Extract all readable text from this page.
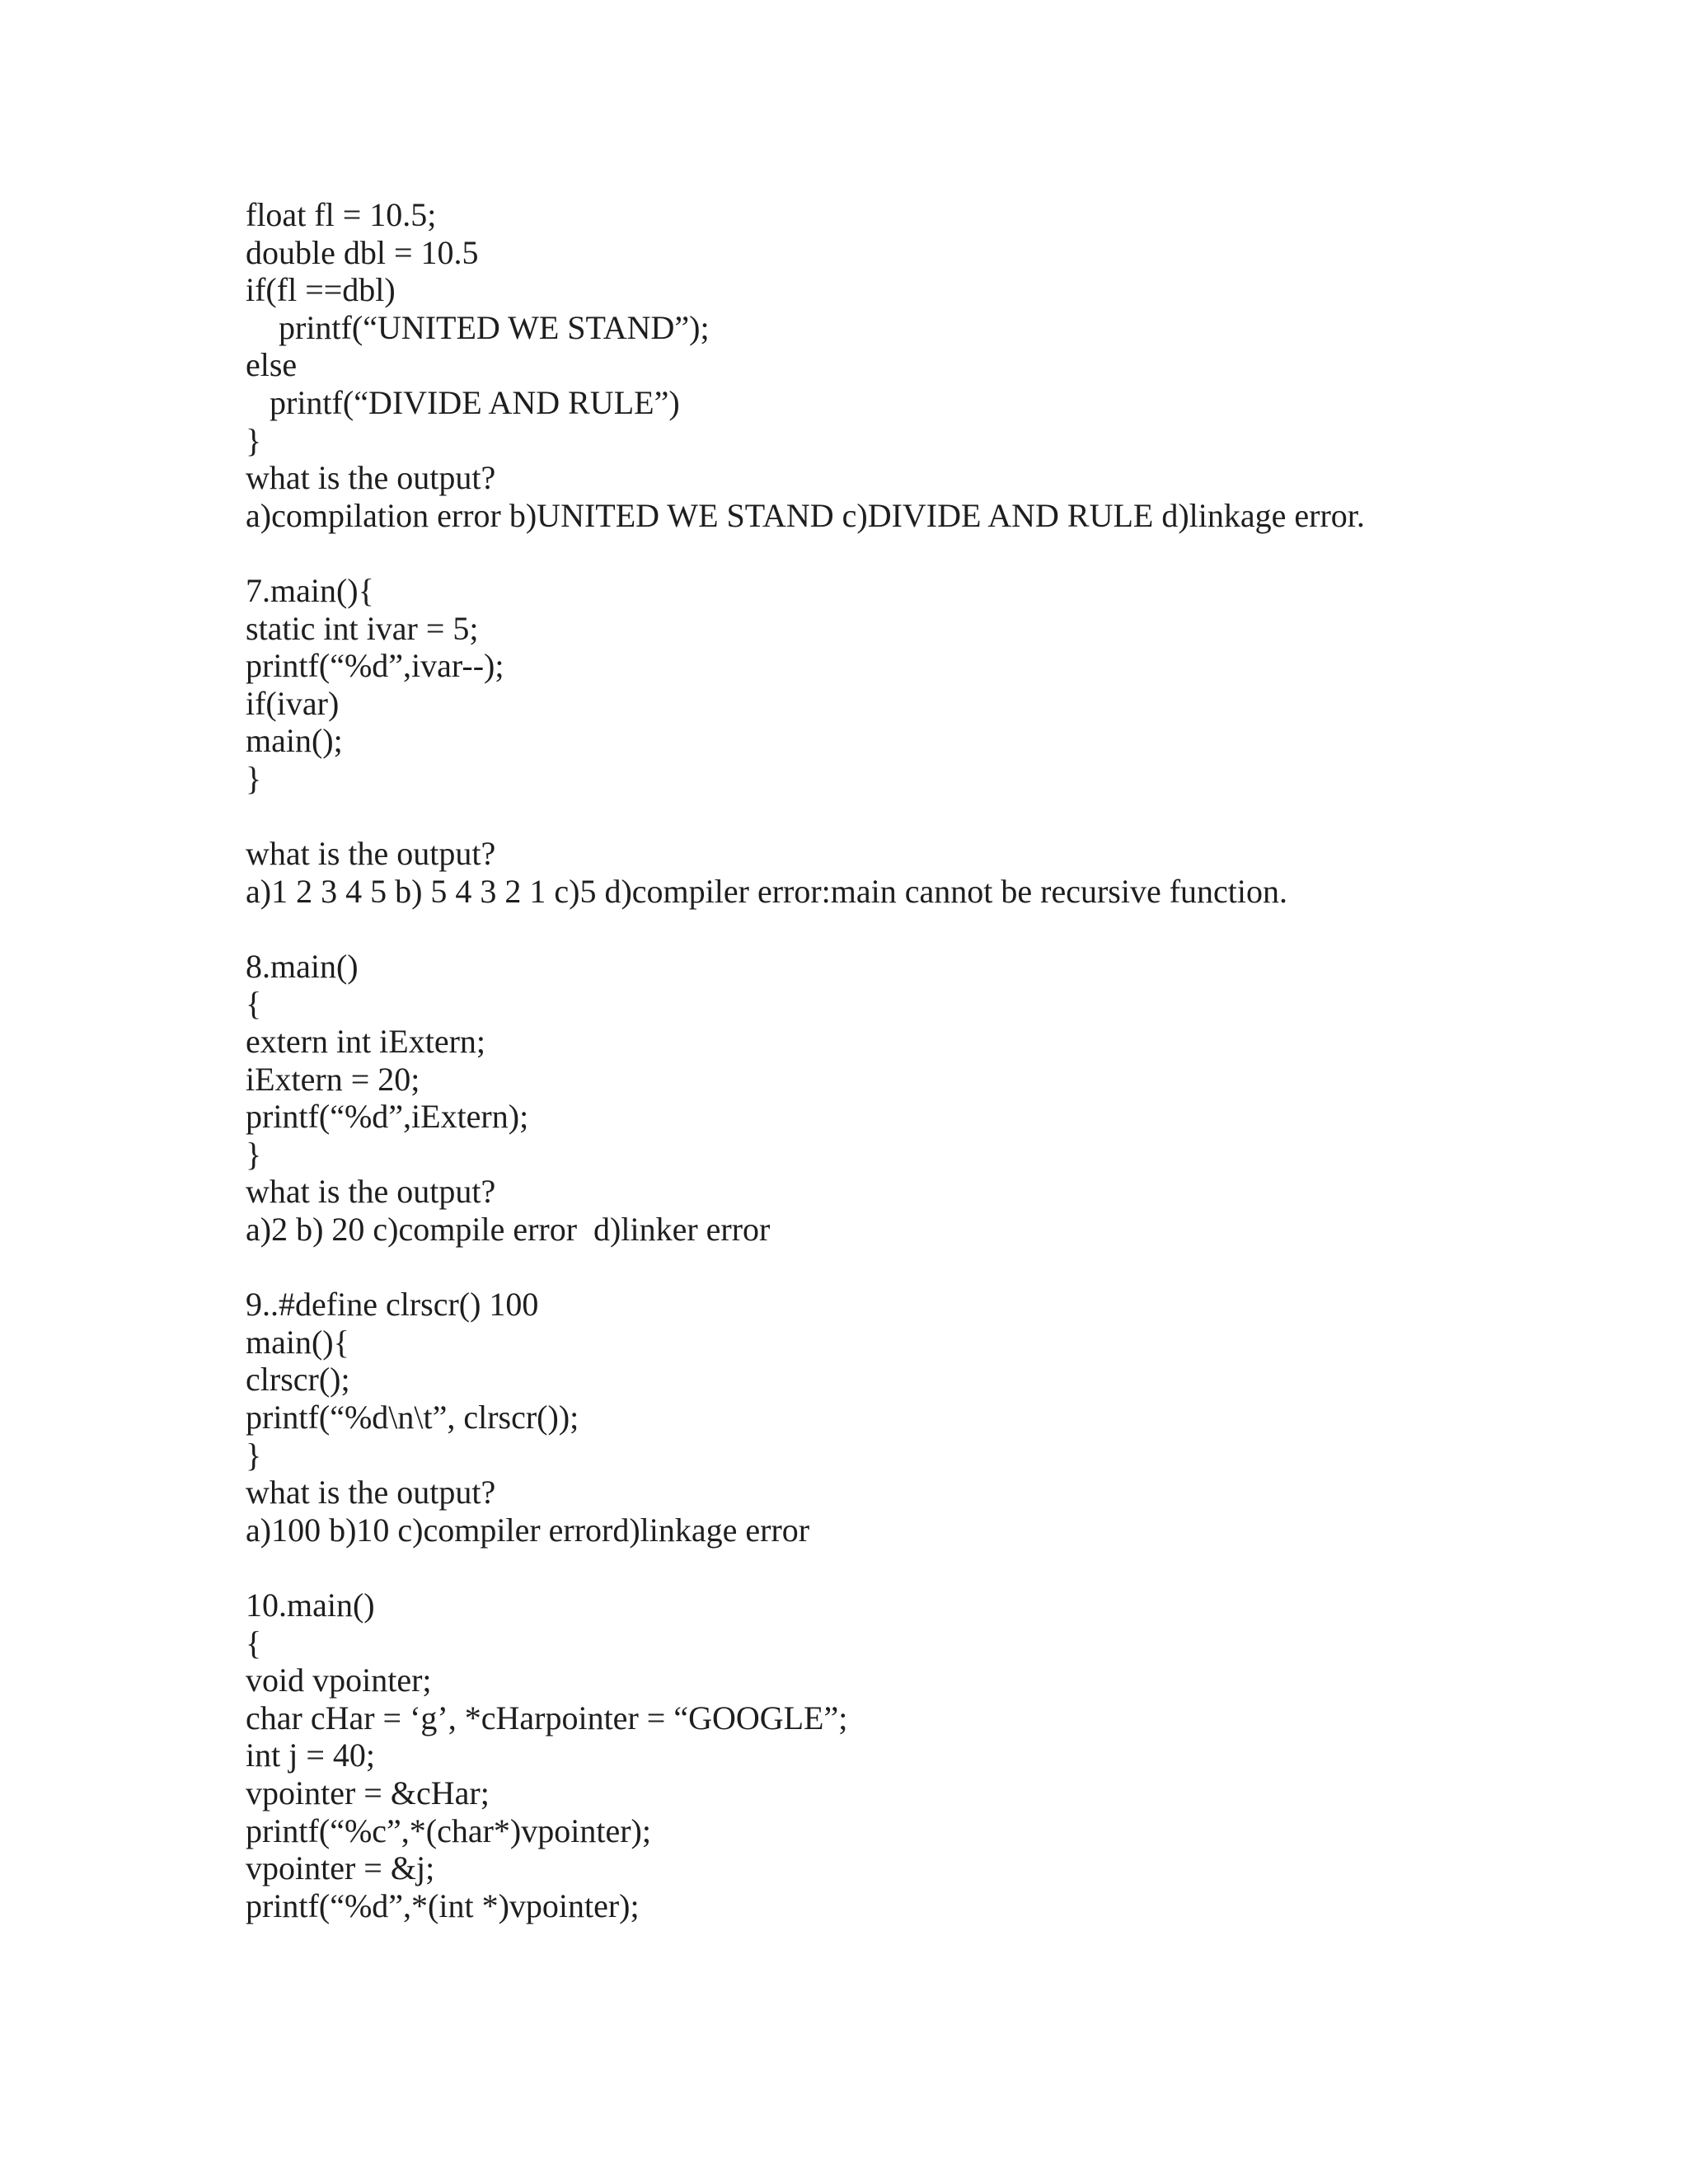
float fl = 10.5;
double dbl = 10.5
if(fl ==dbl)
printf(“UNITED WE STAND”);
else
printf(“DIVIDE AND RULE”)
}
what is the output?
a)compilation error b)UNITED WE STAND c)DIVIDE AND RULE d)linkage error.
7.main(){
static int ivar = 5;
printf(“%d”,ivar--);
if(ivar)
main();
}
what is the output?
a)1 2 3 4 5 b) 5 4 3 2 1 c)5 d)compiler error:main cannot be recursive function.
8.main()
{
extern int iExtern;
iExtern = 20;
printf(“%d”,iExtern);
}
what is the output?
a)2 b) 20 c)compile error  d)linker error
9..#define clrscr() 100
main(){
clrscr();
printf(“%d\n\t”, clrscr());
}
what is the output?
a)100 b)10 c)compiler errord)linkage error
10.main()
{
void vpointer;
char cHar = ‘g’, *cHarpointer = “GOOGLE”;
int j = 40;
vpointer = &cHar;
printf(“%c”,*(char*)vpointer);
vpointer = &j;
printf(“%d”,*(int *)vpointer);
